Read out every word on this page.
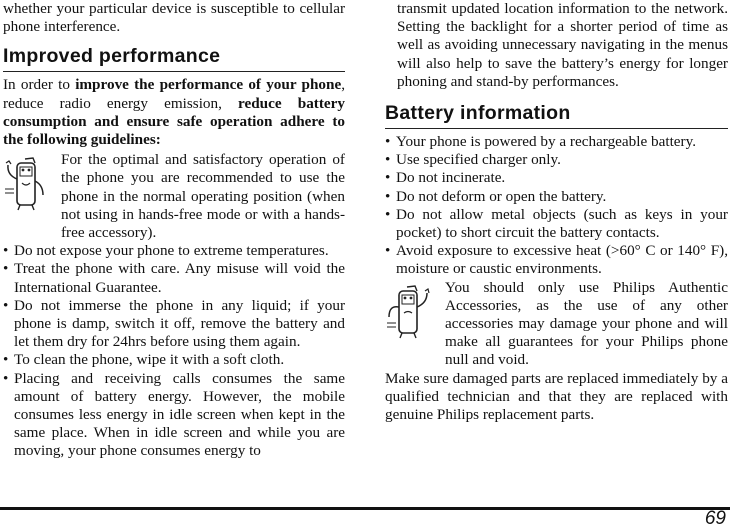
whether your particular device is susceptible to cellular phone interference.

Improved performance

In order to improve the performance of your phone, reduce radio energy emission, reduce battery consumption and ensure safe operation adhere to the following guidelines:

For the optimal and satisfactory operation of the phone you are recommended to use the phone in the normal operating position (when not using in hands-free mode or with a hands-free accessory).

• Do not expose your phone to extreme temperatures.
• Treat the phone with care. Any misuse will void the International Guarantee.
• Do not immerse the phone in any liquid; if your phone is damp, switch it off, remove the battery and let them dry for 24hrs before using them again.
• To clean the phone, wipe it with a soft cloth.
• Placing and receiving calls consumes the same amount of battery energy. However, the mobile consumes less energy in idle screen when kept in the same place. When in idle screen and while you are moving, your phone consumes energy to

transmit updated location information to the network. Setting the backlight for a shorter period of time as well as avoiding unnecessary navigating in the menus will also help to save the battery’s energy for longer phoning and stand-by performances.

Battery information
• Your phone is powered by a rechargeable battery.
• Use specified charger only.
• Do not incinerate.
• Do not deform or open the battery.
• Do not allow metal objects (such as keys in your pocket) to short circuit the battery contacts.
• Avoid exposure to excessive heat (>60° C or 140° F), moisture or caustic environments.

You should only use Philips Authentic Accessories, as the use of any other accessories may damage your phone and will make all guarantees for your Philips phone null and void.

Make sure damaged parts are replaced immediately by a qualified technician and that they are replaced with genuine Philips replacement parts.

69
